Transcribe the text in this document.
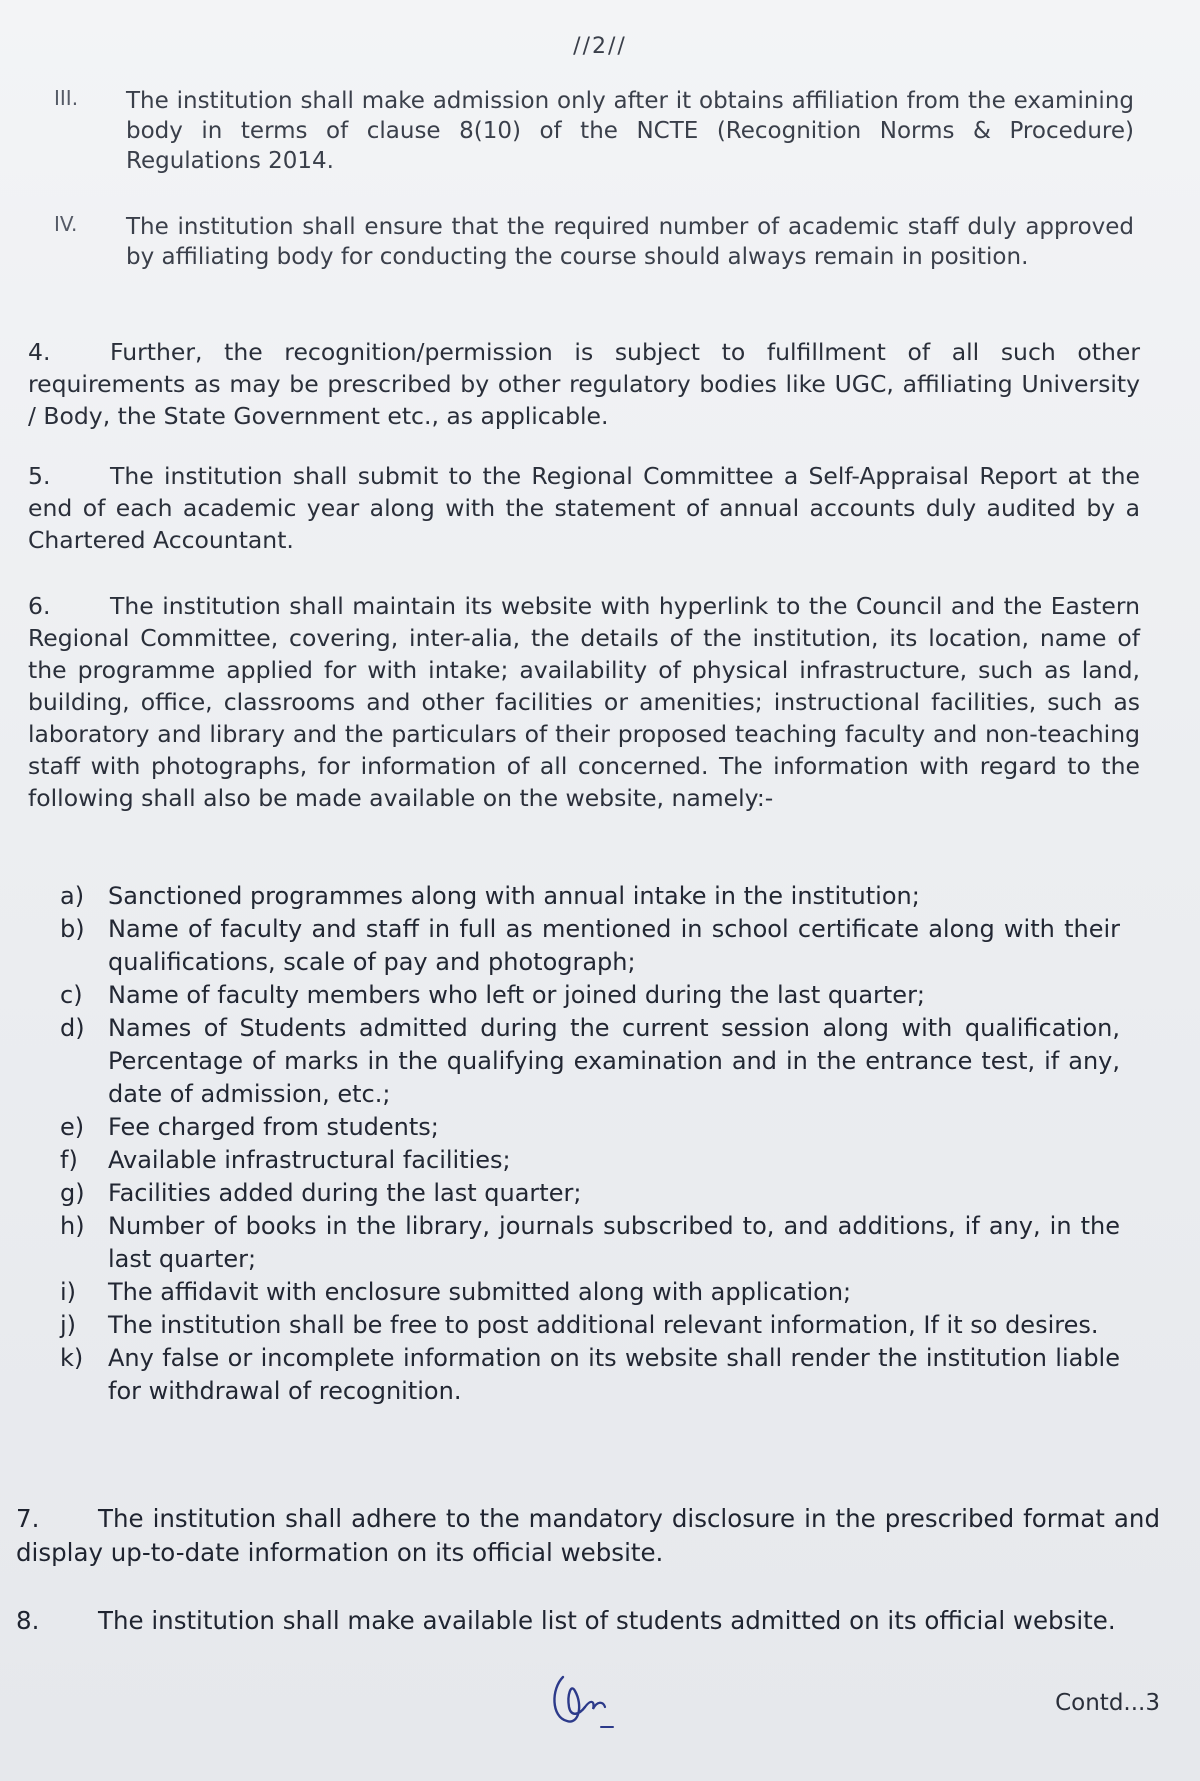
//2//
III. The institution shall make admission only after it obtains affiliation from the examining body in terms of clause 8(10) of the NCTE (Recognition Norms & Procedure) Regulations 2014.
IV. The institution shall ensure that the required number of academic staff duly approved by affiliating body for conducting the course should always remain in position.
4.	Further, the recognition/permission is subject to fulfillment of all such other requirements as may be prescribed by other regulatory bodies like UGC, affiliating University / Body, the State Government etc., as applicable.
5.	The institution shall submit to the Regional Committee a Self-Appraisal Report at the end of each academic year along with the statement of annual accounts duly audited by a Chartered Accountant.
6.	The institution shall maintain its website with hyperlink to the Council and the Eastern Regional Committee, covering, inter-alia, the details of the institution, its location, name of the programme applied for with intake; availability of physical infrastructure, such as land, building, office, classrooms and other facilities or amenities; instructional facilities, such as laboratory and library and the particulars of their proposed teaching faculty and non-teaching staff with photographs, for information of all concerned. The information with regard to the following shall also be made available on the website, namely:-
a) Sanctioned programmes along with annual intake in the institution;
b) Name of faculty and staff in full as mentioned in school certificate along with their qualifications, scale of pay and photograph;
c) Name of faculty members who left or joined during the last quarter;
d) Names of Students admitted during the current session along with qualification, Percentage of marks in the qualifying examination and in the entrance test, if any, date of admission, etc.;
e) Fee charged from students;
f) Available infrastructural facilities;
g) Facilities added during the last quarter;
h) Number of books in the library, journals subscribed to, and additions, if any, in the last quarter;
i) The affidavit with enclosure submitted along with application;
j) The institution shall be free to post additional relevant information, If it so desires.
k) Any false or incomplete information on its website shall render the institution liable for withdrawal of recognition.
7. The institution shall adhere to the mandatory disclosure in the prescribed format and display up-to-date information on its official website.
8. The institution shall make available list of students admitted on its official website.
Contd...3
